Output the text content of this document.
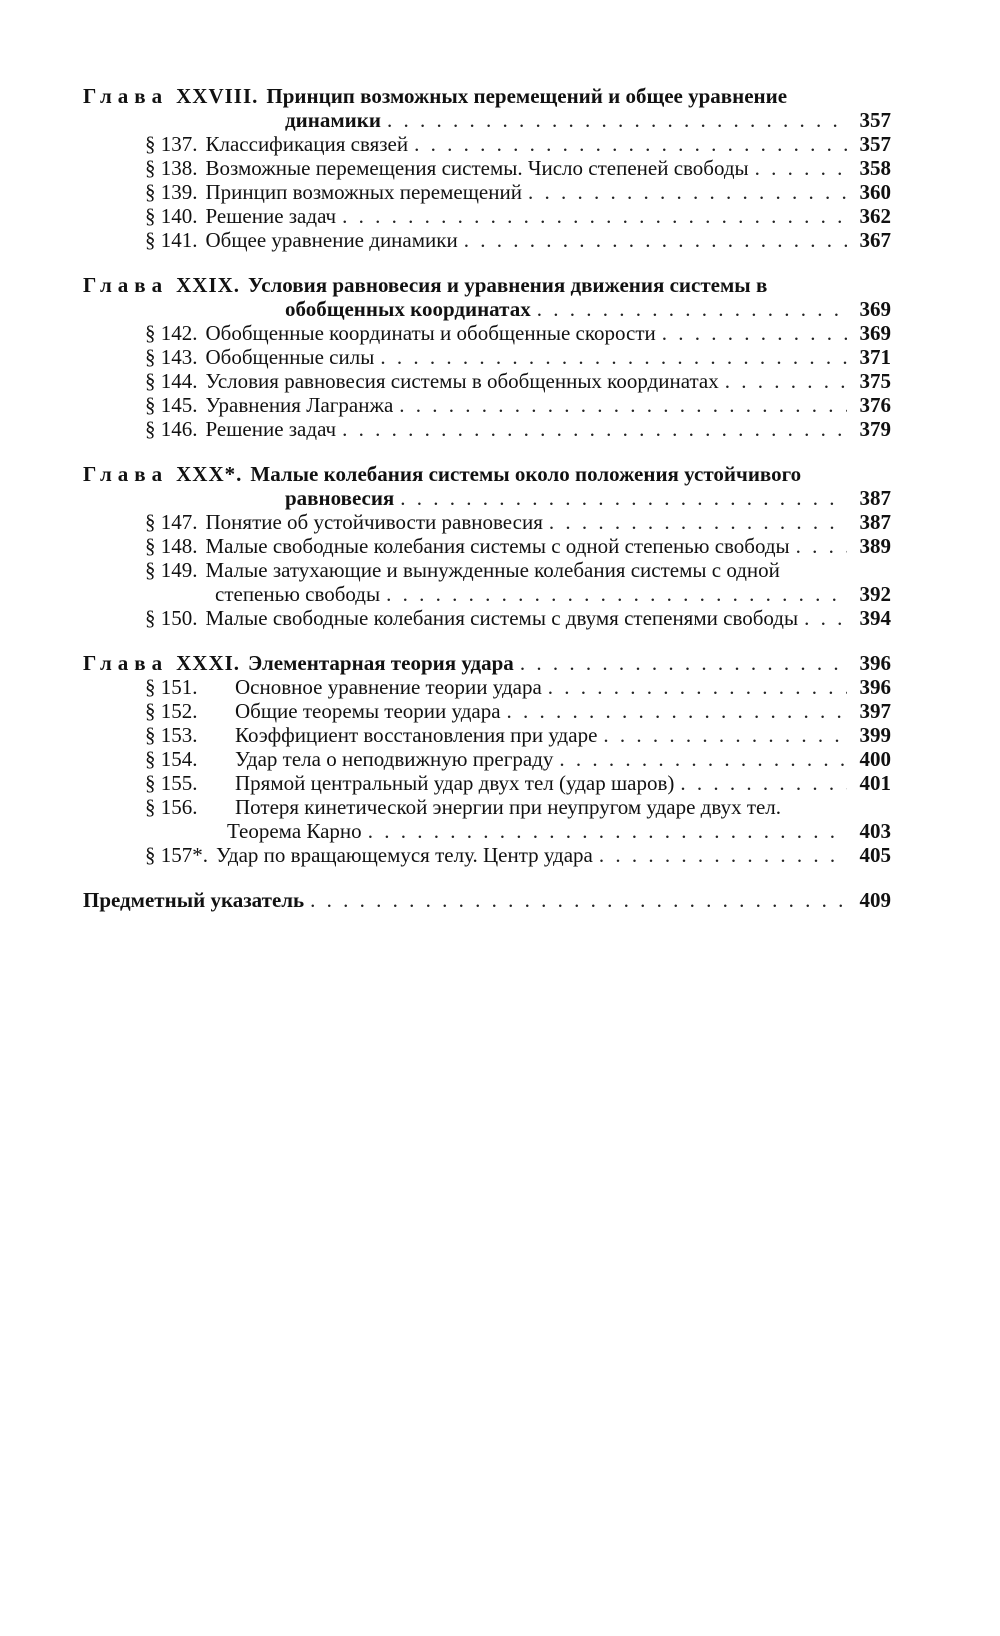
Глава XXVIII. Принцип возможных перемещений и общее уравнение
динамики . . .	357
§ 137. Классификация связей . . .	357
§ 138. Возможные перемещения системы. Число степеней свободы . . .	358
§ 139. Принцип возможных перемещений . . .	360
§ 140. Решение задач . . .	362
§ 141. Общее уравнение динамики . . .	367
Глава XXIX. Условия равновесия и уравнения движения системы в
обобщенных координатах . . .	369
§ 142. Обобщенные координаты и обобщенные скорости . . .	369
§ 143. Обобщенные силы . . .	371
§ 144. Условия равновесия системы в обобщенных координатах . . .	375
§ 145. Уравнения Лагранжа . . .	376
§ 146. Решение задач . . .	379
Глава XXX*. Малые колебания системы около положения устойчивого
равновесия . . .	387
§ 147. Понятие об устойчивости равновесия . . .	387
§ 148. Малые свободные колебания системы с одной степенью свободы . . .	389
§ 149. Малые затухающие и вынужденные колебания системы с одной
степенью свободы . . .	392
§ 150. Малые свободные колебания системы с двумя степенями свободы . . .	394
Глава XXXI. Элементарная теория удара . . .	396
§ 151.	Основное уравнение теории удара . . .	396
§ 152.	Общие теоремы теории удара . . .	397
§ 153.	Коэффициент восстановления при ударе . . .	399
§ 154.	Удар тела о неподвижную преграду . . .	400
§ 155.	Прямой центральный удар двух тел (удар шаров) . . .	401
§ 156.	Потеря кинетической энергии при неупругом ударе двух тел.
Теорема Карно . . .	403
§ 157*. Удар по вращающемуся телу. Центр удара . . .	405
Предметный указатель . . .	409
